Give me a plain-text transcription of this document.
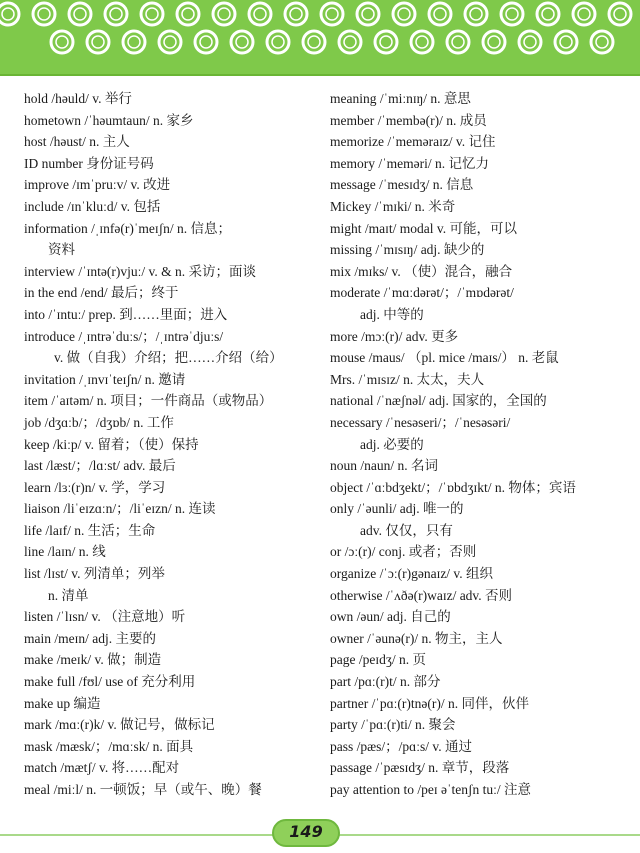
hold /həuld/ v. 举行
hometown /ˈhəumtaun/ n. 家乡
host /həust/ n. 主人
ID number 身份证号码
improve /ɪmˈpruːv/ v. 改进
include /ɪnˈkluːd/ v. 包括
information /ˌɪnfə(r)ˈmeɪʃn/ n. 信息；
资料
interview /ˈɪntə(r)vjuː/ v. & n. 采访；面谈
in the end /end/ 最后；终于
into /ˈɪntuː/ prep. 到……里面；进入
introduce /ˌɪntrəˈduːs/；/ˌɪntrəˈdjuːs/
v. 做（自我）介绍；把……介绍（给）
invitation /ˌɪnvɪˈteɪʃn/ n. 邀请
item /ˈaɪtəm/ n. 项目；一件商品（或物品）
job /dʒɑːb/；/dʒɒb/ n. 工作
keep /kiːp/ v. 留着；（使）保持
last /læst/；/lɑːst/ adv. 最后
learn /lɜː(r)n/ v. 学，学习
liaison /liˈeɪzɑːn/；/liˈeɪzn/ n. 连读
life /laɪf/ n. 生活；生命
line /laɪn/ n. 线
list /lɪst/ v. 列清单；列举
n. 清单
listen /ˈlɪsn/ v. （注意地）听
main /meɪn/ adj. 主要的
make /meɪk/ v. 做；制造
make full /fʊl/ use of 充分利用
make up 编造
mark /mɑː(r)k/ v. 做记号，做标记
mask /mæsk/；/mɑːsk/ n. 面具
match /mætʃ/ v. 将……配对
meal /miːl/ n. 一顿饭；早（或午、晚）餐
meaning /ˈmiːnɪŋ/ n. 意思
member /ˈmembə(r)/ n. 成员
memorize /ˈmeməraɪz/ v. 记住
memory /ˈmeməri/ n. 记忆力
message /ˈmesɪdʒ/ n. 信息
Mickey /ˈmɪki/ n. 米奇
might /maɪt/ modal v. 可能，可以
missing /ˈmɪsɪŋ/ adj. 缺少的
mix /mɪks/ v. （使）混合，融合
moderate /ˈmɑːdərət/；/ˈmɒdərət/
adj. 中等的
more /mɔː(r)/ adv. 更多
mouse /maus/ （pl. mice /maɪs/） n. 老鼠
Mrs. /ˈmɪsɪz/ n. 太太，夫人
national /ˈnæʃnəl/ adj. 国家的，全国的
necessary /ˈnesəseri/；/ˈnesəsəri/
adj. 必要的
noun /naun/ n. 名词
object /ˈɑːbdʒekt/；/ˈɒbdʒɪkt/ n. 物体；宾语
only /ˈəunli/ adj. 唯一的
adv. 仅仅，只有
or /ɔː(r)/ conj. 或者；否则
organize /ˈɔː(r)gənaɪz/ v. 组织
otherwise /ˈʌðə(r)waɪz/ adv. 否则
own /əun/ adj. 自己的
owner /ˈəunə(r)/ n. 物主，主人
page /peɪdʒ/ n. 页
part /pɑː(r)t/ n. 部分
partner /ˈpɑː(r)tnə(r)/ n. 同伴，伙伴
party /ˈpɑː(r)ti/ n. 聚会
pass /pæs/；/pɑːs/ v. 通过
passage /ˈpæsɪdʒ/ n. 章节，段落
pay attention to /peɪ əˈtenʃn tuː/ 注意
149
